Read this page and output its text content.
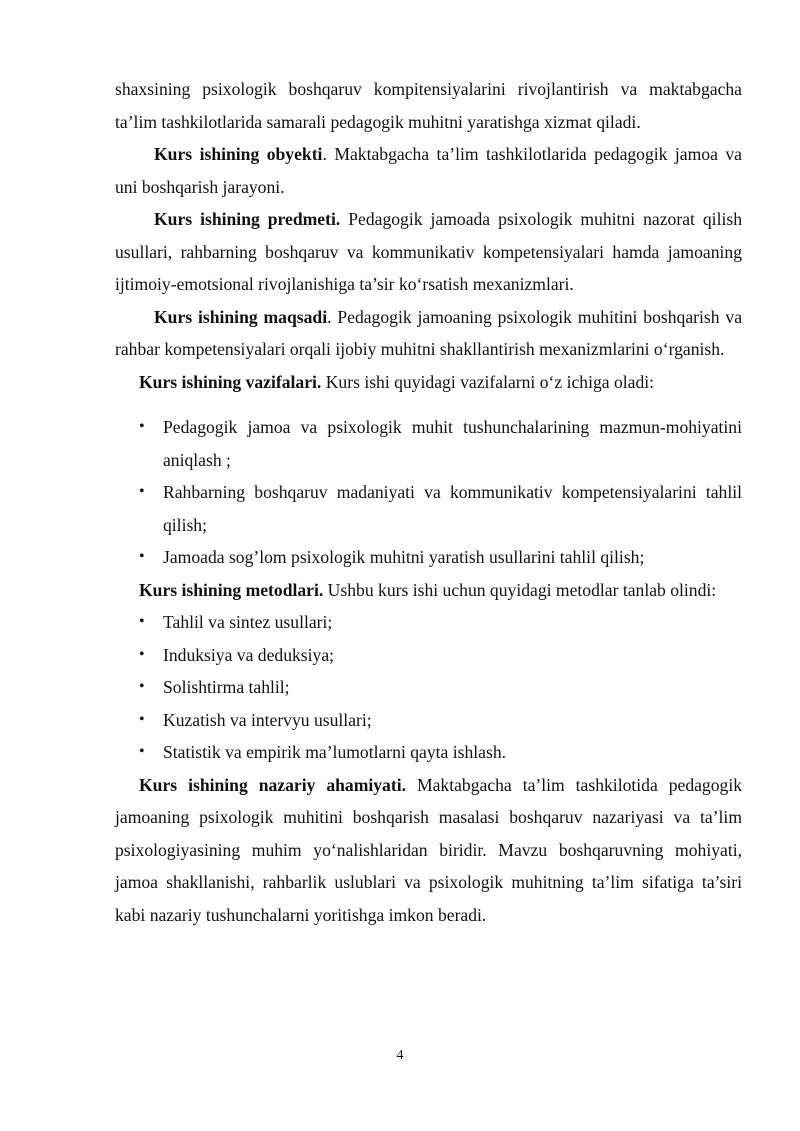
shaxsining psixologik boshqaruv kompitensiyalarini rivojlantirish va maktabgacha ta’lim tashkilotlarida samarali pedagogik muhitni yaratishga xizmat qiladi.

Kurs ishining obyekti. Maktabgacha ta’lim tashkilotlarida pedagogik jamoa va uni boshqarish jarayoni.

Kurs ishining predmeti. Pedagogik jamoada psixologik muhitni nazorat qilish usullari, rahbarning boshqaruv va kommunikativ kompetensiyalari hamda jamoaning ijtimoiy-emotsional rivojlanishiga ta’sir ko‘rsatish mexanizmlari.

Kurs ishining maqsadi. Pedagogik jamoaning psixologik muhitini boshqarish va rahbar kompetensiyalari orqali ijobiy muhitni shakllantirish mexanizmlarini o‘rganish.

Kurs ishining vazifalari. Kurs ishi quyidagi vazifalarni o‘z ichiga oladi:

• Pedagogik jamoa va psixologik muhit tushunchalarining mazmun-mohiyatini aniqlash ;
• Rahbarning boshqaruv madaniyati va kommunikativ kompetensiyalarini tahlil qilish;
• Jamoada sog’lom psixologik muhitni yaratish usullarini tahlil qilish;

Kurs ishining metodlari. Ushbu kurs ishi uchun quyidagi metodlar tanlab olindi:

• Tahlil va sintez usullari;
• Induksiya va deduksiya;
• Solishtirma tahlil;
• Kuzatish va intervyu usullari;
• Statistik va empirik ma’lumotlarni qayta ishlash.

Kurs ishining nazariy ahamiyati. Maktabgacha ta’lim tashkilotida pedagogik jamoaning psixologik muhitini boshqarish masalasi boshqaruv nazariyasi va ta’lim psixologiyasining muhim yo‘nalishlaridan biridir. Mavzu boshqaruvning mohiyati, jamoa shakllanishi, rahbarlik uslublari va psixologik muhitning ta’lim sifatiga ta’siri kabi nazariy tushunchalarni yoritishga imkon beradi.

4
